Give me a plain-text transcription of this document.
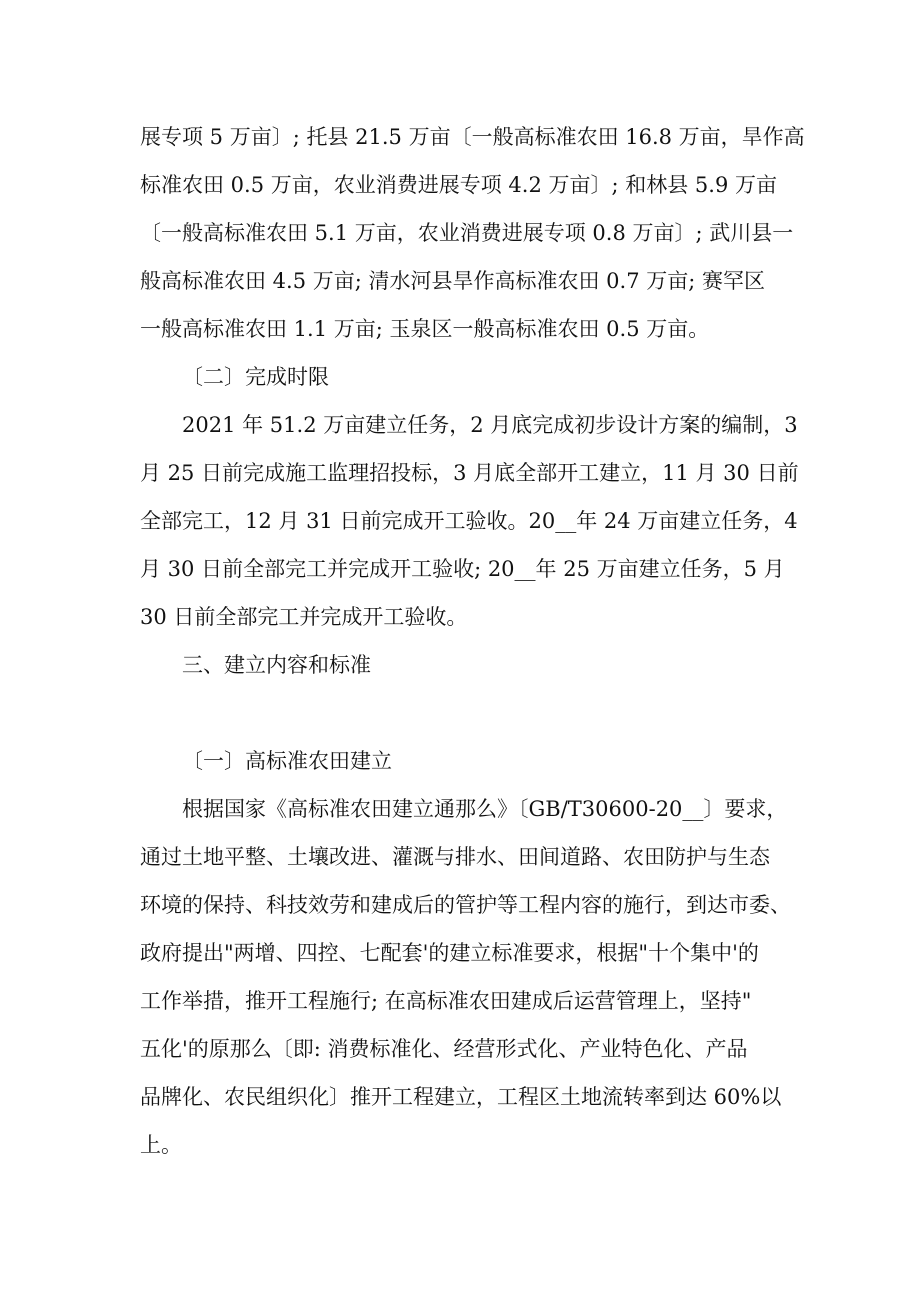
展专项 5 万亩〕; 托县 21.5 万亩〔一般高标准农田 16.8 万亩，旱作高
标准农田 0.5 万亩，农业消费进展专项 4.2 万亩〕; 和林县 5.9 万亩
〔一般高标准农田 5.1 万亩，农业消费进展专项 0.8 万亩〕; 武川县一
般高标准农田 4.5 万亩; 清水河县旱作高标准农田 0.7 万亩; 赛罕区
一般高标准农田 1.1 万亩; 玉泉区一般高标准农田 0.5 万亩。
〔二〕完成时限
2021 年 51.2 万亩建立任务，2 月底完成初步设计方案的编制，3
月 25 日前完成施工监理招投标，3 月底全部开工建立，11 月 30 日前
全部完工，12 月 31 日前完成开工验收。20__年 24 万亩建立任务，4
月 30 日前全部完工并完成开工验收; 20__年 25 万亩建立任务，5 月
30 日前全部完工并完成开工验收。
三、建立内容和标准
〔一〕高标准农田建立
根据国家《高标准农田建立通那么》〔GB/T30600-20__〕要求，
通过土地平整、土壤改进、灌溉与排水、田间道路、农田防护与生态
环境的保持、科技效劳和建成后的管护等工程内容的施行，到达市委、
政府提出"两增、四控、七配套'的建立标准要求，根据"十个集中'的
工作举措，推开工程施行; 在高标准农田建成后运营管理上，坚持"
五化'的原那么〔即: 消费标准化、经营形式化、产业特色化、产品
品牌化、农民组织化〕推开工程建立，工程区土地流转率到达 60%以
上。
